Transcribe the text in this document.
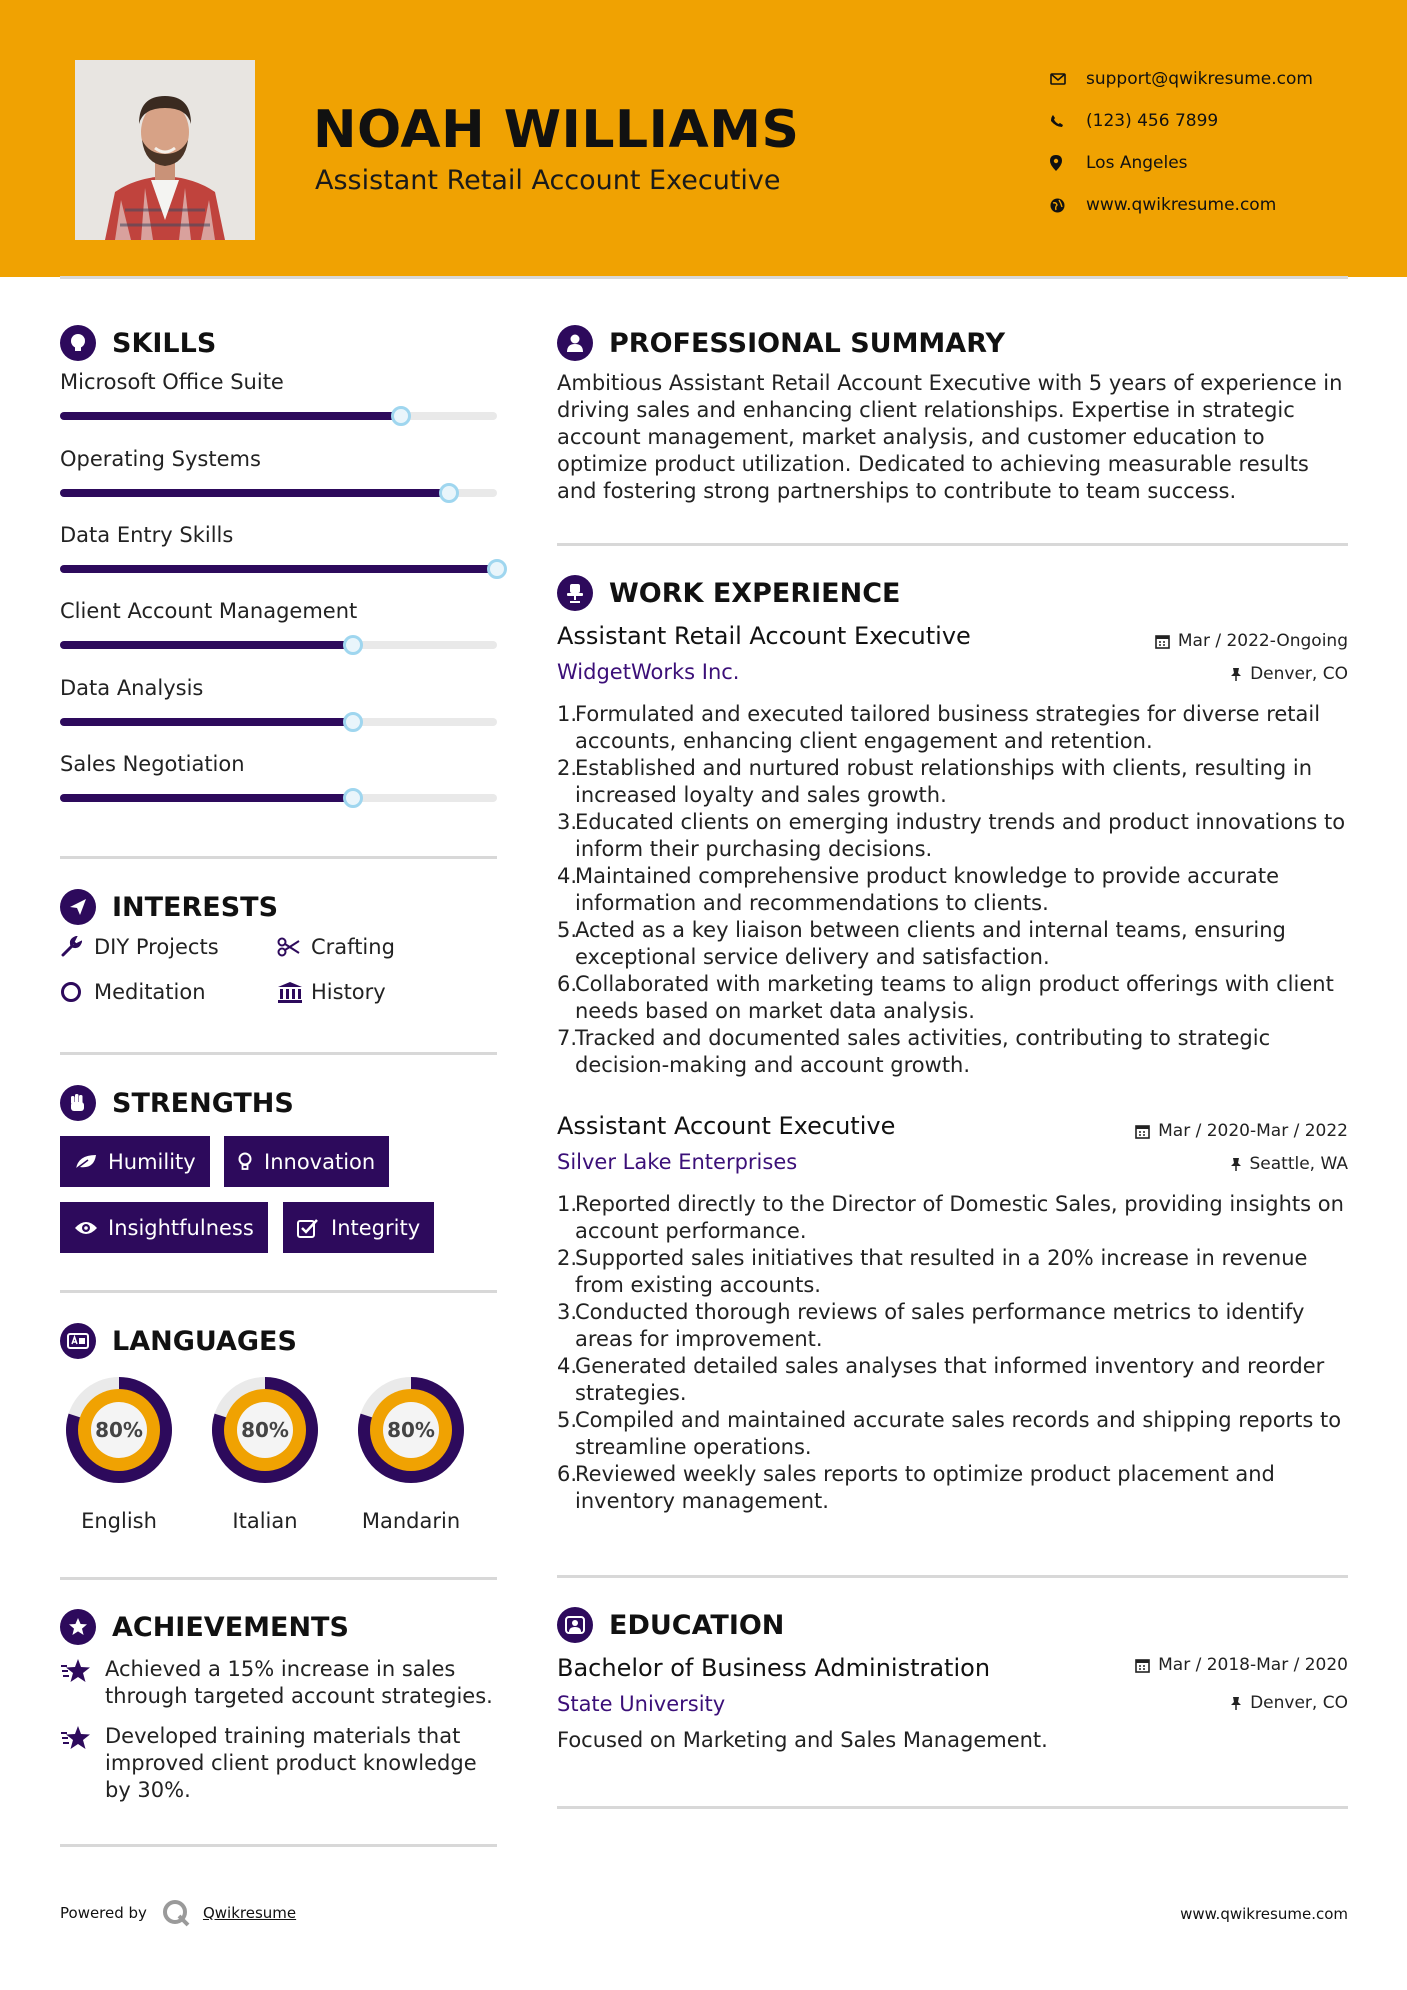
NOAH WILLIAMS
Assistant Retail Account Executive
support@qwikresume.com
(123) 456 7899
Los Angeles
www.qwikresume.com
SKILLS
Microsoft Office Suite
Operating Systems
Data Entry Skills
Client Account Management
Data Analysis
Sales Negotiation
INTERESTS
DIY Projects	Crafting
Meditation	History
STRENGTHS
Humility	Innovation
Insightfulness	Integrity
LANGUAGES
80%
English
80%
Italian
80%
Mandarin
ACHIEVEMENTS
Achieved a 15% increase in sales through targeted account strategies.
Developed training materials that improved client product knowledge by 30%.
PROFESSIONAL SUMMARY
Ambitious Assistant Retail Account Executive with 5 years of experience in driving sales and enhancing client relationships. Expertise in strategic account management, market analysis, and customer education to optimize product utilization. Dedicated to achieving measurable results and fostering strong partnerships to contribute to team success.
WORK EXPERIENCE
Assistant Retail Account Executive	Mar / 2022-Ongoing
WidgetWorks Inc.	Denver, CO
1.
Formulated and executed tailored business strategies for diverse retail accounts, enhancing client engagement and retention.
2.
Established and nurtured robust relationships with clients, resulting in increased loyalty and sales growth.
3.
Educated clients on emerging industry trends and product innovations to inform their purchasing decisions.
4.
Maintained comprehensive product knowledge to provide accurate information and recommendations to clients.
5.
Acted as a key liaison between clients and internal teams, ensuring exceptional service delivery and satisfaction.
6.
Collaborated with marketing teams to align product offerings with client needs based on market data analysis.
7.
Tracked and documented sales activities, contributing to strategic decision-making and account growth.
Assistant Account Executive	Mar / 2020-Mar / 2022
Silver Lake Enterprises	Seattle, WA
1.
Reported directly to the Director of Domestic Sales, providing insights on account performance.
2.
Supported sales initiatives that resulted in a 20% increase in revenue from existing accounts.
3.
Conducted thorough reviews of sales performance metrics to identify areas for improvement.
4.
Generated detailed sales analyses that informed inventory and reorder strategies.
5.
Compiled and maintained accurate sales records and shipping reports to streamline operations.
6.
Reviewed weekly sales reports to optimize product placement and inventory management.
EDUCATION
Bachelor of Business Administration	Mar / 2018-Mar / 2020
State University	Denver, CO
Focused on Marketing and Sales Management.
Powered by	Qwikresume	www.qwikresume.com
